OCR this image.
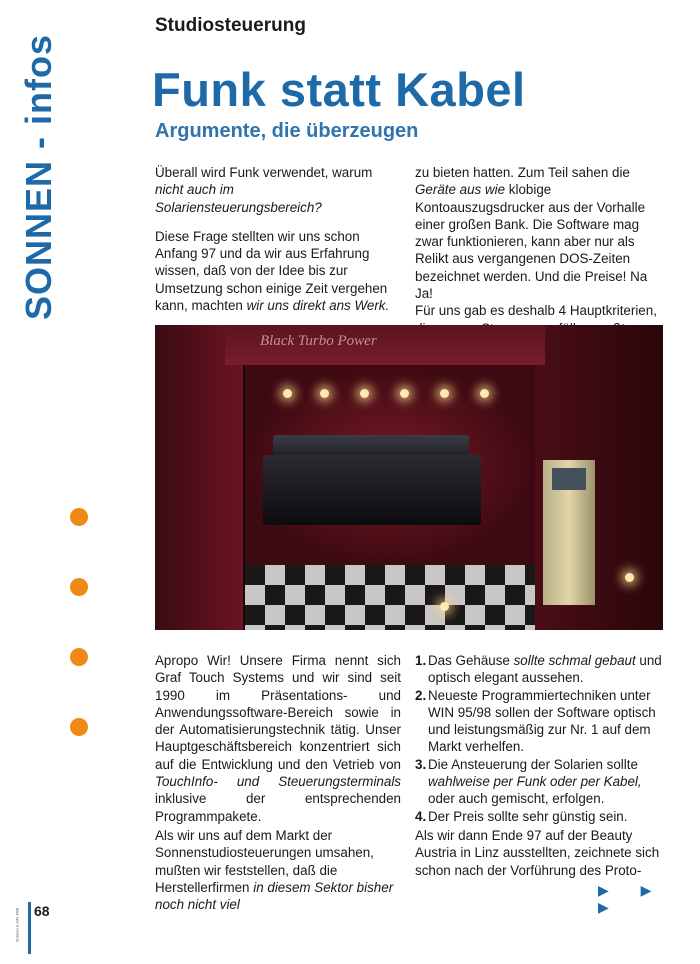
SONNEN - infos
Studiosteuerung
Funk statt Kabel
Argumente, die überzeugen

Überall wird Funk verwendet, warum nicht auch im Solariensteuerungsbereich?

Diese Frage stellten wir uns schon Anfang 97 und da wir aus Erfahrung wissen, daß von der Idee bis zur Umsetzung schon einige Zeit vergehen kann, machten wir uns direkt ans Werk.

zu bieten hatten. Zum Teil sahen die Geräte aus wie klobige Kontoauszugsdrucker aus der Vorhalle einer großen Bank. Die Software mag zwar funktionieren, kann aber nur als Relikt aus vergangenen DOS-Zeiten bezeichnet werden. Und die Preise! Na Ja!

Für uns gab es deshalb 4 Hauptkriterien,

Black Turbo Power

Apropo Wir! Unsere Firma nennt sich Graf Touch Systems und wir sind seit 1990 im Präsentations- und Anwendungssoftware-Bereich sowie in der Automatisierungstechnik tätig. Unser Hauptgeschäftsbereich konzentriert sich auf die Entwicklung und den Vetrieb von TouchInfo- und Steuerungsterminals inklusive der entsprechenden Programmpakete.

1. Das Gehäuse sollte schmal gebaut und optisch elegant aussehen.
2. Neueste Programmiertechniken unter WIN 95/98 sollen der Software optisch und leistungsmäßig zur Nr. 1 auf dem Markt verhelfen.
3. Die Ansteuerung der Solarien sollte wahlweise per Funk oder per Kabel, oder auch gemischt, erfolgen.
4. Der Preis sollte sehr günstig sein.

Als wir uns auf dem Markt der Sonnenstudiosteuerungen umsahen, mußten wir feststellen, daß die Herstellerfirmen in diesem Sektor bisher noch nicht viel

Als wir dann Ende 97 auf der Beauty Austria in Linz ausstellten, zeichnete sich schon nach der Vorführung des Proto-

▶ ▶ ▶
Sonnen & Info 4/98 68
